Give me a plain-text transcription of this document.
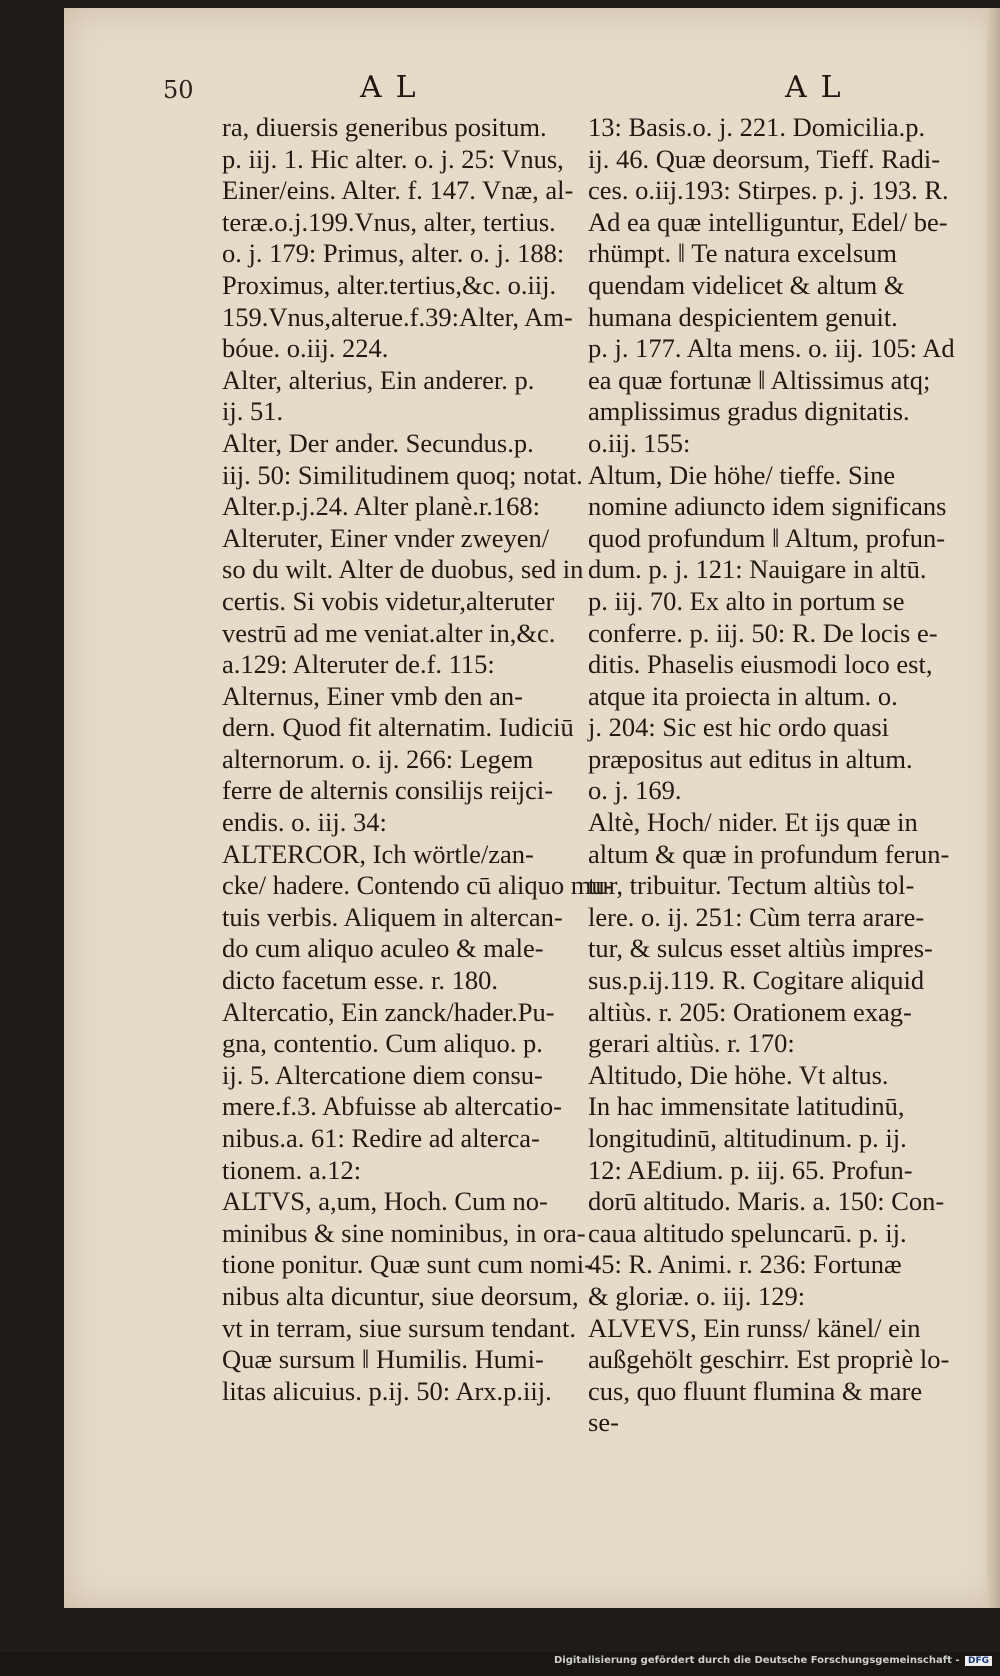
50	AL	AL
ra, diuersis generibus positum.
p. iij. 1. Hic alter. o. j. 25: Vnus,
Einer/eins. Alter. f. 147. Vnæ, al-
teræ.o.j.199.Vnus, alter, tertius.
o. j. 179: Primus, alter. o. j. 188:
Proximus, alter.tertius,&c. o.iij.
159.Vnus,alterue.f.39:Alter, Am-
bóue. o.iij. 224.
Alter, alterius, Ein anderer. p.
ij. 51.
Alter, Der ander. Secundus.p.
iij. 50: Similitudinem quoq; notat.
Alter.p.j.24. Alter planè.r.168:
Alteruter, Einer vnder zweyen/
so du wilt. Alter de duobus, sed in
certis. Si vobis videtur,alteruter
vestrū ad me veniat.alter in,&c.
a.129: Alteruter de.f. 115:
Alternus, Einer vmb den an-
dern. Quod fit alternatim. Iudiciū
alternorum. o. ij. 266: Legem
ferre de alternis consilijs reijci-
endis. o. iij. 34:
ALTERCOR, Ich wörtle/zan-
cke/ hadere. Contendo cū aliquo mu-
tuis verbis. Aliquem in altercan-
do cum aliquo aculeo & male-
dicto facetum esse. r. 180.
Altercatio, Ein zanck/hader.Pu-
gna, contentio. Cum aliquo. p.
ij. 5. Altercatione diem consu-
mere.f.3. Abfuisse ab altercatio-
nibus.a. 61: Redire ad alterca-
tionem. a.12:
ALTVS, a,um, Hoch. Cum no-
minibus & sine nominibus, in ora-
tione ponitur. Quæ sunt cum nomi-
nibus alta dicuntur, siue deorsum,
vt in terram, siue sursum tendant.
Quæ sursum ‖ Humilis. Humi-
litas alicuius. p.ij. 50: Arx.p.iij.
13: Basis.o. j. 221. Domicilia.p.
ij. 46. Quæ deorsum, Tieff. Radi-
ces. o.iij.193: Stirpes. p. j. 193. R.
Ad ea quæ intelliguntur, Edel/ be-
rhümpt. ‖ Te natura excelsum
quendam videlicet & altum &
humana despicientem genuit.
p. j. 177. Alta mens. o. iij. 105: Ad
ea quæ fortunæ ‖ Altissimus atq;
amplissimus gradus dignitatis.
o.iij. 155:
Altum, Die höhe/ tieffe. Sine
nomine adiuncto idem significans
quod profundum ‖ Altum, profun-
dum. p. j. 121: Nauigare in altū.
p. iij. 70. Ex alto in portum se
conferre. p. iij. 50: R. De locis e-
ditis. Phaselis eiusmodi loco est,
atque ita proiecta in altum. o.
j. 204: Sic est hic ordo quasi
præpositus aut editus in altum.
o. j. 169.
Altè, Hoch/ nider. Et ijs quæ in
altum & quæ in profundum ferun-
tur, tribuitur. Tectum altiùs tol-
lere. o. ij. 251: Cùm terra arare-
tur, & sulcus esset altiùs impres-
sus.p.ij.119. R. Cogitare aliquid
altiùs. r. 205: Orationem exag-
gerari altiùs. r. 170:
Altitudo, Die höhe. Vt altus.
In hac immensitate latitudinū,
longitudinū, altitudinum. p. ij.
12: AEdium. p. iij. 65. Profun-
dorū altitudo. Maris. a. 150: Con-
caua altitudo speluncarū. p. ij.
45: R. Animi. r. 236: Fortunæ
& gloriæ. o. iij. 129:
ALVEVS, Ein runss/ känel/ ein
außgehölt geschirr. Est propriè lo-
cus, quo fluunt flumina & mare
se-
Digitalisierung gefördert durch die Deutsche Forschungsgemeinschaft - DFG
